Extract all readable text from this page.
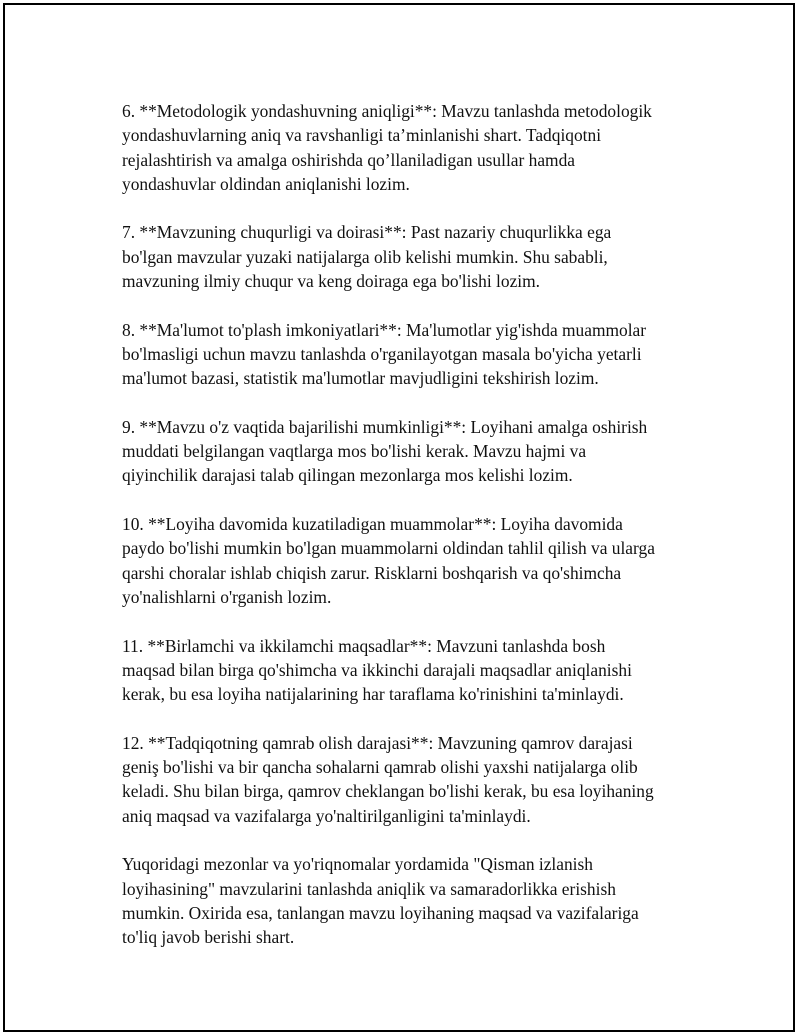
6. **Metodologik yondashuvning aniqligi**: Mavzu tanlashda metodologik
yondashuvlarning aniq va ravshanligi ta’minlanishi shart. Tadqiqotni
rejalashtirish va amalga oshirishda qo’llaniladigan usullar hamda
yondashuvlar oldindan aniqlanishi lozim.

7. **Mavzuning chuqurligi va doirasi**: Past nazariy chuqurlikka ega
bo'lgan mavzular yuzaki natijalarga olib kelishi mumkin. Shu sababli,
mavzuning ilmiy chuqur va keng doiraga ega bo'lishi lozim.

8. **Ma'lumot to'plash imkoniyatlari**: Ma'lumotlar yig'ishda muammolar
bo'lmasligi uchun mavzu tanlashda o'rganilayotgan masala bo'yicha yetarli
ma'lumot bazasi, statistik ma'lumotlar mavjudligini tekshirish lozim.

9. **Mavzu o'z vaqtida bajarilishi mumkinligi**: Loyihani amalga oshirish
muddati belgilangan vaqtlarga mos bo'lishi kerak. Mavzu hajmi va
qiyinchilik darajasi talab qilingan mezonlarga mos kelishi lozim.

10. **Loyiha davomida kuzatiladigan muammolar**: Loyiha davomida
paydo bo'lishi mumkin bo'lgan muammolarni oldindan tahlil qilish va ularga
qarshi choralar ishlab chiqish zarur. Risklarni boshqarish va qo'shimcha
yo'nalishlarni o'rganish lozim.

11. **Birlamchi va ikkilamchi maqsadlar**: Mavzuni tanlashda bosh
maqsad bilan birga qo'shimcha va ikkinchi darajali maqsadlar aniqlanishi
kerak, bu esa loyiha natijalarining har taraflama ko'rinishini ta'minlaydi.

12. **Tadqiqotning qamrab olish darajasi**: Mavzuning qamrov darajasi
geniş bo'lishi va bir qancha sohalarni qamrab olishi yaxshi natijalarga olib
keladi. Shu bilan birga, qamrov cheklangan bo'lishi kerak, bu esa loyihaning
aniq maqsad va vazifalarga yo'naltirilganligini ta'minlaydi.

Yuqoridagi mezonlar va yo'riqnomalar yordamida "Qisman izlanish
loyihasining" mavzularini tanlashda aniqlik va samaradorlikka erishish
mumkin. Oxirida esa, tanlangan mavzu loyihaning maqsad va vazifalariga
to'liq javob berishi shart.
